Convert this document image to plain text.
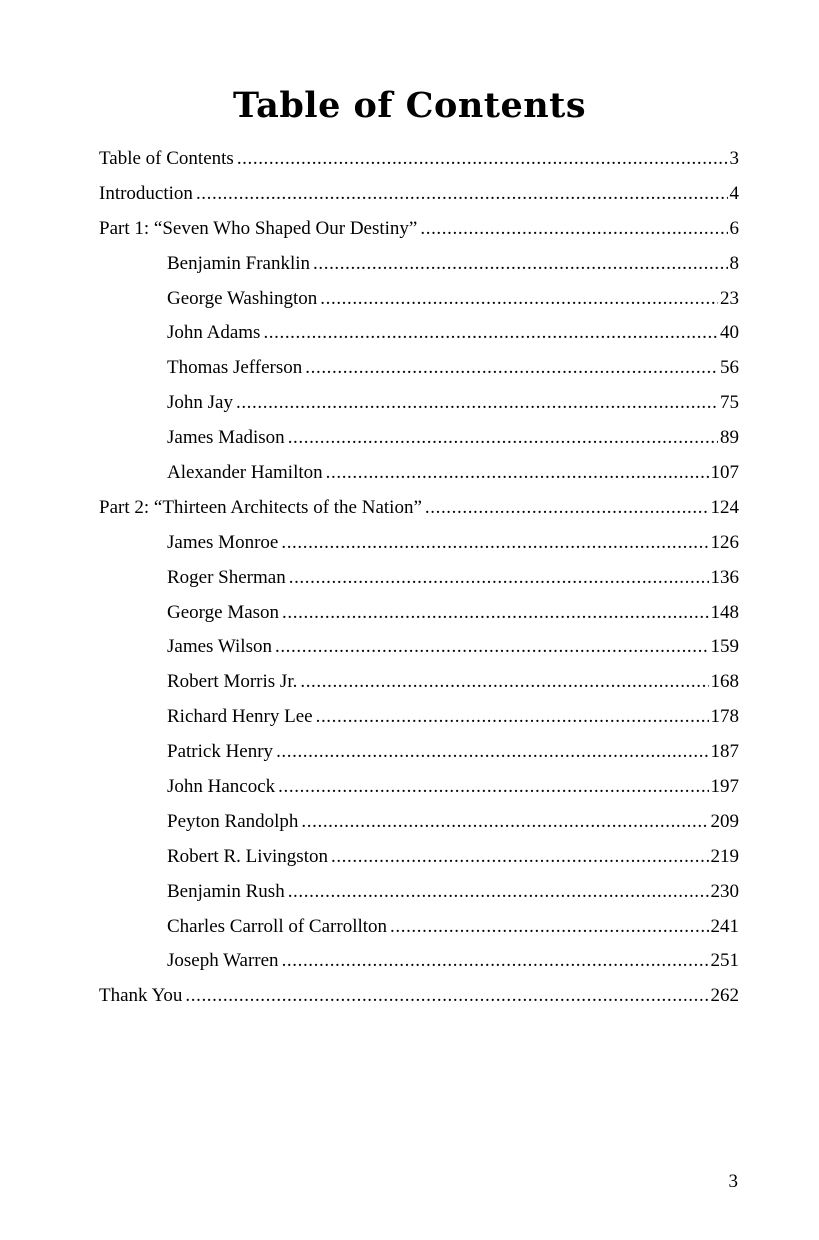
Table of Contents
Table of Contents .....	3
Introduction .....	4
Part 1: “Seven Who Shaped Our Destiny” .....	6
Benjamin Franklin .....	8
George Washington .....	23
John Adams .....	40
Thomas Jefferson .....	56
John Jay .....	75
James Madison .....	89
Alexander Hamilton .....	107
Part 2: “Thirteen Architects of the Nation” .....	124
James Monroe .....	126
Roger Sherman .....	136
George Mason .....	148
James Wilson .....	159
Robert Morris Jr. .....	168
Richard Henry Lee .....	178
Patrick Henry .....	187
John Hancock .....	197
Peyton Randolph .....	209
Robert R. Livingston .....	219
Benjamin Rush .....	230
Charles Carroll of Carrollton .....	241
Joseph Warren .....	251
Thank You .....	262
3
